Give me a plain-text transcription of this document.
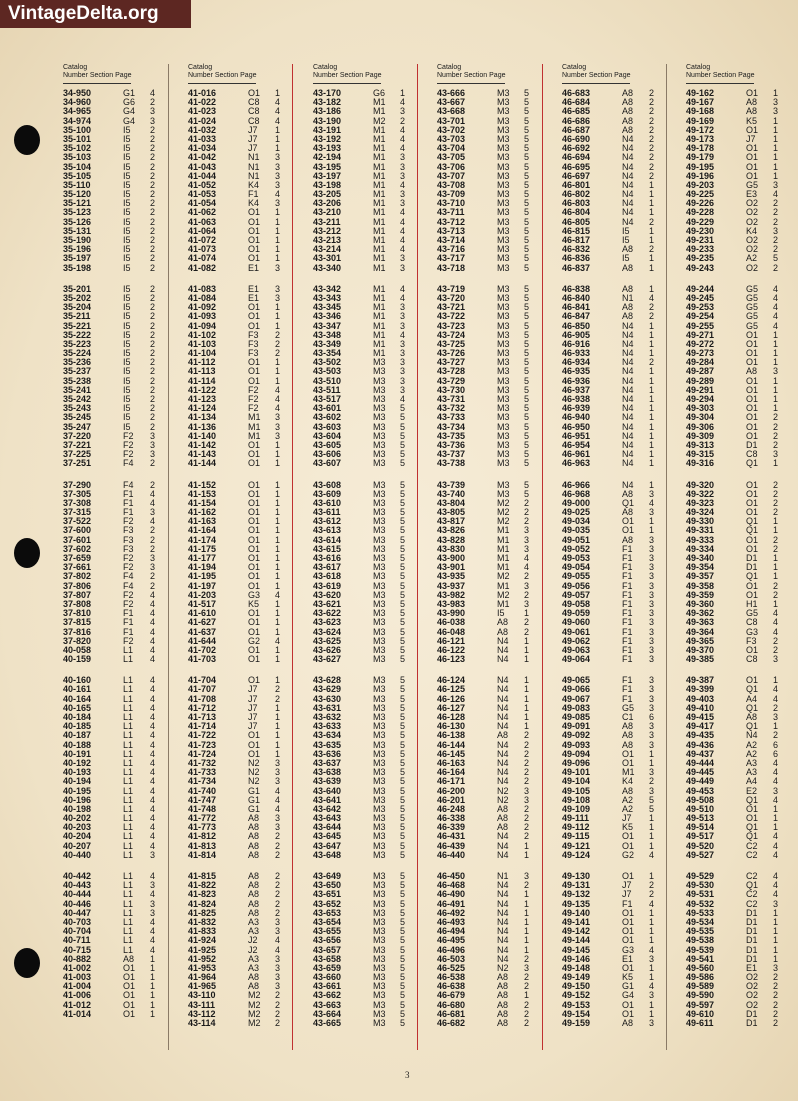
VintageDelta.org
Catalog
Number Section Page
34-950	G1 4
34-960	G6 2
34-965	G4 3
34-974	G4 3
35-100	I5 2
35-101	I5 2
35-102	I5 2
35-103	I5 2
35-104	I5 2
35-105	I5 2
35-110	I5 2
35-120	I5 2
35-121	I5 2
35-123	I5 2
35-126	I5 2
35-131	I5 2
35-190	I5 2
35-196	I5 2
35-197	I5 2
35-198	I5 2
35-201	I5 2
35-202	I5 2
35-204	I5 2
35-211	I5 2
35-221	I5 2
35-222	I5 2
35-223	I5 2
35-224	I5 2
35-236	I5 2
35-237	I5 2
35-238	I5 2
35-241	I5 2
35-242	I5 2
35-243	I5 2
35-245	I5 2
35-247	I5 2
37-220	F2 3
37-221	F2 3
37-225	F2 3
37-251	F4 2
37-290	F4 2
37-305	F1 4
37-308	F1 4
37-315	F1 3
37-522	F2 4
37-600	F3 2
37-601	F3 2
37-602	F3 2
37-659	F2 3
37-661	F2 3
37-802	F4 2
37-806	F4 2
37-807	F2 4
37-808	F2 4
37-810	F1 4
37-815	F1 4
37-816	F1 4
37-820	F2 4
40-058	L1 4
40-159	L1 4
40-160	L1 4
40-161	L1 4
40-164	L1 4
40-165	L1 4
40-184	L1 4
40-185	L1 4
40-187	L1 4
40-188	L1 4
40-191	L1 4
40-192	L1 4
40-193	L1 4
40-194	L1 4
40-195	L1 4
40-196	L1 4
40-198	L1 4
40-202	L1 4
40-203	L1 4
40-204	L1 4
40-207	L1 4
40-440	L1 3
40-442	L1 4
40-443	L1 3
40-444	L1 4
40-446	L1 3
40-447	L1 3
40-703	L1 4
40-704	L1 4
40-711	L1 4
40-715	L1 4
40-882	A8 1
41-002	O1 1
41-003	O1 1
41-004	O1 1
41-006	O1 1
41-012	O1 1
41-014	O1 1
Catalog
Number Section Page
41-016	O1 1
41-022	C8 4
41-023	C8 4
41-024	C8 4
41-032	J7 1
41-033	J7 1
41-034	J7 1
41-042	N1 3
41-043	N1 3
41-044	N1 3
41-052	K4 3
41-053	F1 4
41-054	K4 3
41-062	O1 1
41-063	O1 1
41-064	O1 1
41-072	O1 1
41-073	O1 1
41-074	O1 1
41-082	E1 3
41-083	E1 3
41-084	E1 3
41-092	O1 1
41-093	O1 1
41-094	O1 1
41-102	F3 2
41-103	F3 2
41-104	F3 2
41-112	O1 1
41-113	O1 1
41-114	O1 1
41-122	F2 4
41-123	F2 4
41-124	F2 4
41-134	M1 3
41-136	M1 3
41-140	M1 3
41-142	O1 1
41-143	O1 1
41-144	O1 1
41-152	O1 1
41-153	O1 1
41-154	O1 1
41-162	O1 1
41-163	O1 1
41-164	O1 1
41-174	O1 1
41-175	O1 1
41-177	O1 1
41-194	O1 1
41-195	O1 1
41-197	O1 1
41-203	G3 4
41-517	K5 1
41-610	O1 1
41-627	O1 1
41-637	O1 1
41-644	G2 4
41-702	O1 1
41-703	O1 1
41-704	O1 1
41-707	J7 2
41-708	J7 2
41-712	J7 1
41-713	J7 1
41-714	J7 1
41-722	O1 1
41-723	O1 1
41-724	O1 1
41-732	N2 3
41-733	N2 3
41-734	N2 3
41-740	G1 4
41-747	G1 4
41-748	G1 4
41-772	A8 3
41-773	A8 3
41-812	A8 2
41-813	A8 2
41-814	A8 2
41-815	A8 2
41-822	A8 2
41-823	A8 2
41-824	A8 2
41-825	A8 2
41-832	A3 3
41-833	A3 3
41-924	J2 4
41-925	J2 4
41-952	A3 3
41-953	A3 3
41-964	A8 3
41-965	A8 3
43-110	M2 2
43-111	M2 2
43-112	M2 2
43-114	M2 2
Catalog
Number Section Page
43-170	G6 1
43-182	M1 4
43-186	M1 3
43-190	M2 2
43-191	M1 4
43-192	M1 4
43-193	M1 4
42-194	M1 3
43-195	M1 3
43-197	M1 3
43-198	M1 4
43-205	M1 3
43-206	M1 3
43-210	M1 4
43-211	M1 4
43-212	M1 4
43-213	M1 4
43-214	M1 4
43-301	M1 3
43-340	M1 3
43-342	M1 4
43-343	M1 4
43-345	M1 3
43-346	M1 3
43-347	M1 3
43-348	M1 4
43-349	M1 3
43-354	M1 3
43-502	M3 3
43-503	M3 3
43-510	M3 3
43-511	M3 3
43-517	M3 4
43-601	M3 5
43-602	M3 5
43-603	M3 5
43-604	M3 5
43-605	M3 5
43-606	M3 5
43-607	M3 5
43-608	M3 5
43-609	M3 5
43-610	M3 5
43-611	M3 5
43-612	M3 5
43-613	M3 5
43-614	M3 5
43-615	M3 5
43-616	M3 5
43-617	M3 5
43-618	M3 5
43-619	M3 5
43-620	M3 5
43-621	M3 5
43-622	M3 5
43-623	M3 5
43-624	M3 5
43-625	M3 5
43-626	M3 5
43-627	M3 5
43-628	M3 5
43-629	M3 5
43-630	M3 5
43-631	M3 5
43-632	M3 5
43-633	M3 5
43-634	M3 5
43-635	M3 5
43-636	M3 5
43-637	M3 5
43-638	M3 5
43-639	M3 5
43-640	M3 5
43-641	M3 5
43-642	M3 5
43-643	M3 5
43-644	M3 5
43-645	M3 5
43-647	M3 5
43-648	M3 5
43-649	M3 5
43-650	M3 5
43-651	M3 5
43-652	M3 5
43-653	M3 5
43-654	M3 5
43-655	M3 5
43-656	M3 5
43-657	M3 5
43-658	M3 5
43-659	M3 5
43-660	M3 5
43-661	M3 5
43-662	M3 5
43-663	M3 5
43-664	M3 5
43-665	M3 5
Catalog
Number Section Page
43-666	M3 5
43-667	M3 5
43-668	M3 5
43-701	M3 5
43-702	M3 5
43-703	M3 5
43-704	M3 5
43-705	M3 5
43-706	M3 5
43-707	M3 5
43-708	M3 5
43-709	M3 5
43-710	M3 5
43-711	M3 5
43-712	M3 5
43-713	M3 5
43-714	M3 5
43-716	M3 5
43-717	M3 5
43-718	M3 5
43-719	M3 5
43-720	M3 5
43-721	M3 5
43-722	M3 5
43-723	M3 5
43-724	M3 5
43-725	M3 5
43-726	M3 5
43-727	M3 5
43-728	M3 5
43-729	M3 5
43-730	M3 5
43-731	M3 5
43-732	M3 5
43-733	M3 5
43-734	M3 5
43-735	M3 5
43-736	M3 5
43-737	M3 5
43-738	M3 5
43-739	M3 5
43-740	M3 5
43-804	M2 2
43-805	M2 2
43-817	M2 2
43-826	M1 3
43-828	M1 3
43-830	M1 3
43-900	M1 4
43-901	M1 4
43-935	M2 2
43-937	M1 3
43-982	M2 2
43-983	M1 3
43-990	I5 1
46-038	A8 2
46-048	A8 2
46-121	N4 1
46-122	N4 1
46-123	N4 1
46-124	N4 1
46-125	N4 1
46-126	N4 1
46-127	N4 1
46-128	N4 1
46-130	N4 1
46-138	A8 2
46-144	N4 2
46-145	N4 2
46-163	N4 2
46-164	N4 2
46-171	N4 2
46-200	N2 3
46-201	N2 3
46-248	A8 2
46-338	A8 2
46-339	A8 2
46-431	N4 2
46-439	N4 1
46-440	N4 1
46-450	N1 3
46-468	N4 2
46-490	N4 1
46-491	N4 1
46-492	N4 1
46-493	N4 1
46-494	N4 1
46-495	N4 1
46-496	N4 1
46-503	N4 2
46-525	N2 3
46-538	A8 2
46-638	A8 2
46-679	A8 1
46-680	A8 2
46-681	A8 2
46-682	A8 2
Catalog
Number Section Page
46-683	A8 2
46-684	A8 2
46-685	A8 2
46-686	A8 2
46-687	A8 2
46-690	N4 2
46-692	N4 2
46-694	N4 2
46-695	N4 2
46-697	N4 2
46-801	N4 1
46-802	N4 1
46-803	N4 1
46-804	N4 1
46-805	N4 2
46-815	I5 1
46-817	I5 1
46-832	A8 2
46-836	I5 1
46-837	A8 1
46-838	A8 1
46-840	N1 4
46-841	A8 2
46-847	A8 2
46-850	N4 1
46-905	N4 1
46-916	N4 1
46-933	N4 1
46-934	N4 2
46-935	N4 1
46-936	N4 1
46-937	N4 1
46-938	N4 1
46-939	N4 1
46-940	N4 1
46-950	N4 1
46-951	N4 1
46-954	N4 1
46-961	N4 1
46-963	N4 1
46-966	N4 1
46-968	A8 3
49-000	Q1 4
49-025	A8 3
49-034	O1 1
49-035	O1 1
49-051	A8 3
49-052	F1 3
49-053	F1 3
49-054	F1 3
49-055	F1 3
49-056	F1 3
49-057	F1 3
49-058	F1 3
49-059	F1 3
49-060	F1 3
49-061	F1 3
49-062	F1 3
49-063	F1 3
49-064	F1 3
49-065	F1 3
49-066	F1 3
49-067	F1 3
49-083	G5 3
49-085	C1 6
49-091	A8 3
49-092	A8 3
49-093	A8 3
49-094	O1 1
49-096	O1 1
49-101	M1 3
49-104	K4 2
49-105	A8 3
49-108	A2 5
49-109	A2 5
49-111	J7 1
49-112	K5 1
49-115	O1 1
49-121	O1 1
49-124	G2 4
49-130	O1 1
49-131	J7 2
49-132	J7 2
49-135	F1 4
49-140	O1 1
49-141	O1 1
49-142	O1 1
49-144	O1 1
49-145	G3 4
49-146	E1 3
49-148	O1 1
49-149	K5 1
49-150	G1 4
49-152	G4 3
49-153	O1 1
49-154	O1 1
49-159	A8 3
Catalog
Number Section Page
49-162	O1 1
49-167	A8 3
49-168	A8 3
49-169	K5 1
49-172	O1 1
49-173	J7 1
49-178	O1 1
49-179	O1 1
49-195	O1 1
49-196	O1 1
49-203	G5 3
49-225	E3 4
49-226	O2 2
49-228	O2 2
49-229	O2 2
49-230	K4 3
49-231	O2 2
49-233	O2 2
49-235	A2 5
49-243	O2 2
49-244	G5 4
49-245	G5 4
49-253	G5 4
49-254	G5 4
49-255	G5 4
49-271	O1 1
49-272	O1 1
49-273	O1 1
49-284	O1 1
49-287	A8 3
49-289	O1 1
49-291	O1 1
49-294	O1 1
49-303	O1 1
49-304	O1 2
49-306	O1 2
49-309	O1 2
49-313	D1 2
49-315	C8 3
49-316	Q1 1
49-320	O1 2
49-322	O1 2
49-323	O1 2
49-324	O1 2
49-330	Q1 1
49-331	Q1 1
49-333	O1 2
49-334	O1 2
49-340	D1 1
49-354	D1 1
49-357	Q1 1
49-358	O1 2
49-359	O1 2
49-360	H1 1
49-362	G5 4
49-363	C8 4
49-364	G3 4
49-365	F3 2
49-370	O1 2
49-385	C8 3
49-387	O1 1
49-399	Q1 4
49-403	A4 4
49-410	Q1 2
49-415	A8 3
49-417	Q1 1
49-435	N4 2
49-436	A2 6
49-437	A2 6
49-444	A3 4
49-445	A3 4
49-449	A4 4
49-453	E2 3
49-508	Q1 4
49-510	O1 1
49-513	O1 1
49-514	Q1 1
49-517	Q1 4
49-520	C2 4
49-527	C2 4
49-529	C2 4
49-530	Q1 4
49-531	C2 4
49-532	C2 3
49-533	D1 1
49-534	D1 1
49-535	D1 1
49-538	D1 1
49-539	D1 1
49-541	D1 1
49-560	E1 3
49-586	O2 2
49-589	O2 2
49-590	O2 2
49-597	O2 2
49-610	D1 2
49-611	D1 2
3
